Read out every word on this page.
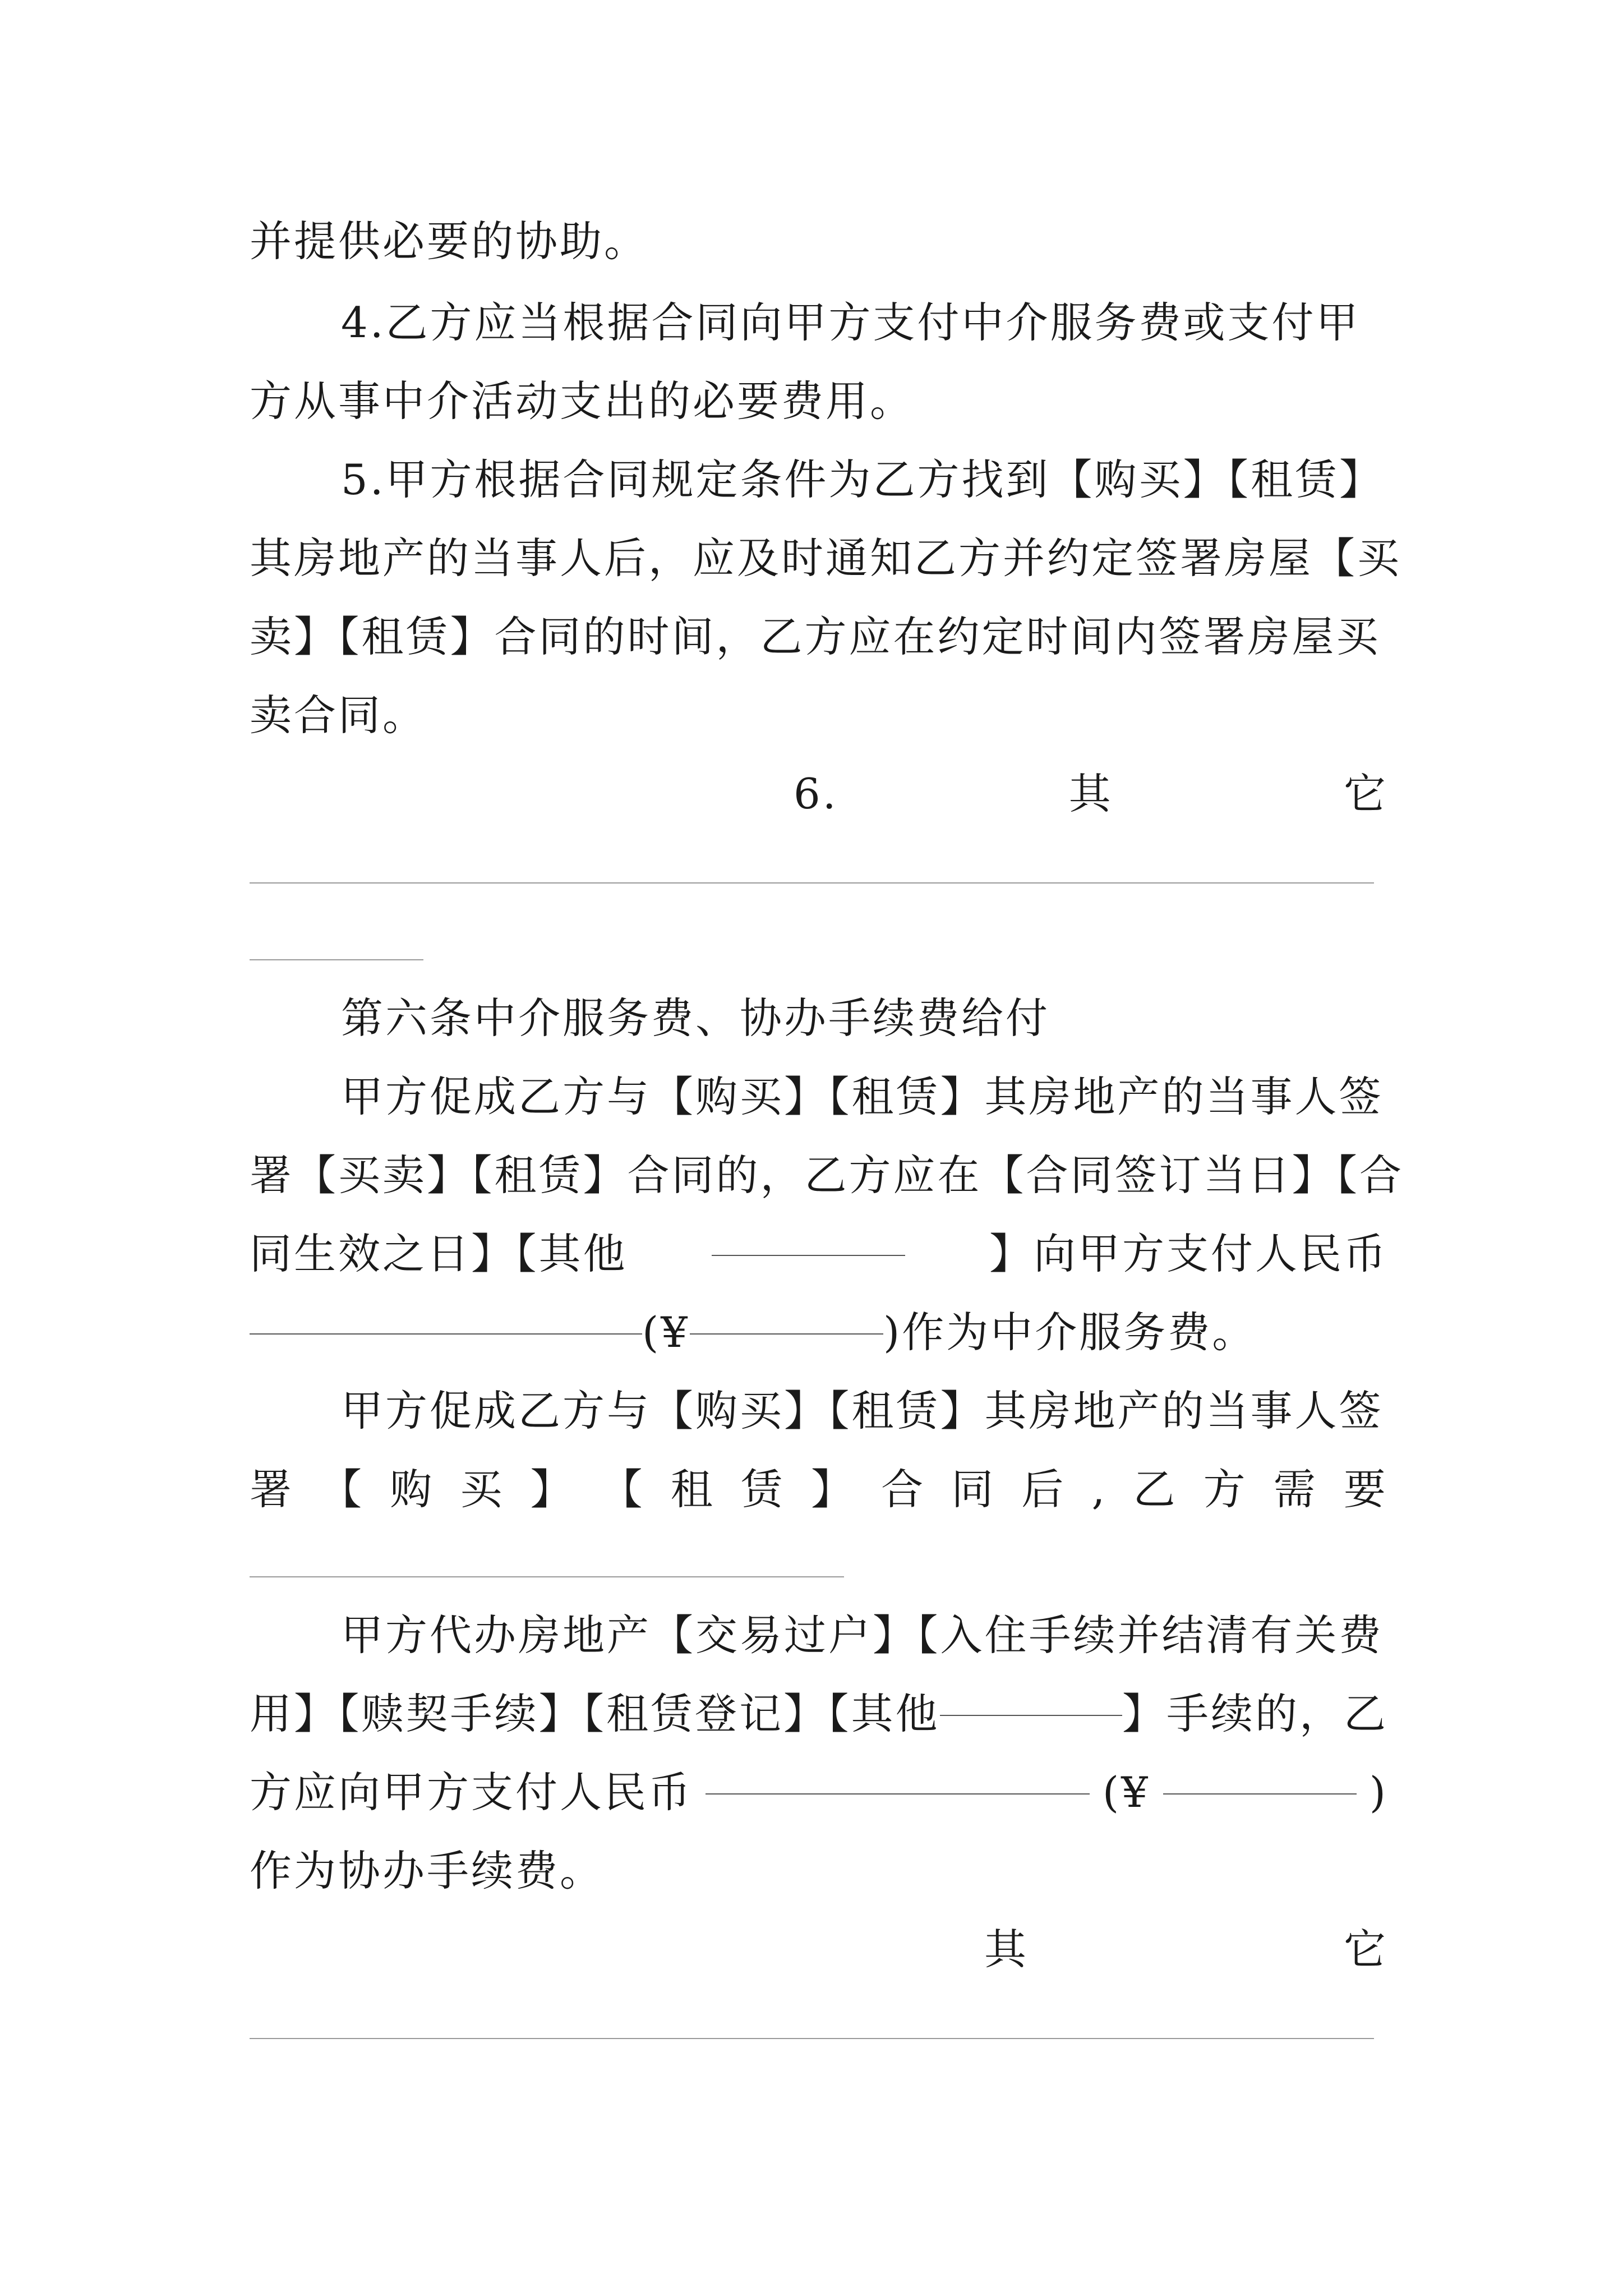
并提供必要的协助。
4.乙方应当根据合同向甲方支付中介服务费或支付甲
方从事中介活动支出的必要费用。
5.甲方根据合同规定条件为乙方找到【购买】【租赁】
其房地产的当事人后，应及时通知乙方并约定签署房屋【买
卖】【租赁】合同的时间，乙方应在约定时间内签署房屋买
卖合同。
6.	其	它
第六条中介服务费、协办手续费给付
甲方促成乙方与【购买】【租赁】其房地产的当事人签
署【买卖】【租赁】合同的，乙方应在【合同签订当日】【合
同生效之日】【其他	】向甲方支付人民币
(¥	)作为中介服务费。
甲方促成乙方与【购买】【租赁】其房地产的当事人签
署 【 购 买 】 【 租 赁 】 合 同 后 , 乙 方 需 要
甲方代办房地产【交易过户】【入住手续并结清有关费
用】【赎契手续】【租赁登记】【其他	】手续的，乙
方应向甲方支付人民币	(¥	)
作为协办手续费。
其	它
